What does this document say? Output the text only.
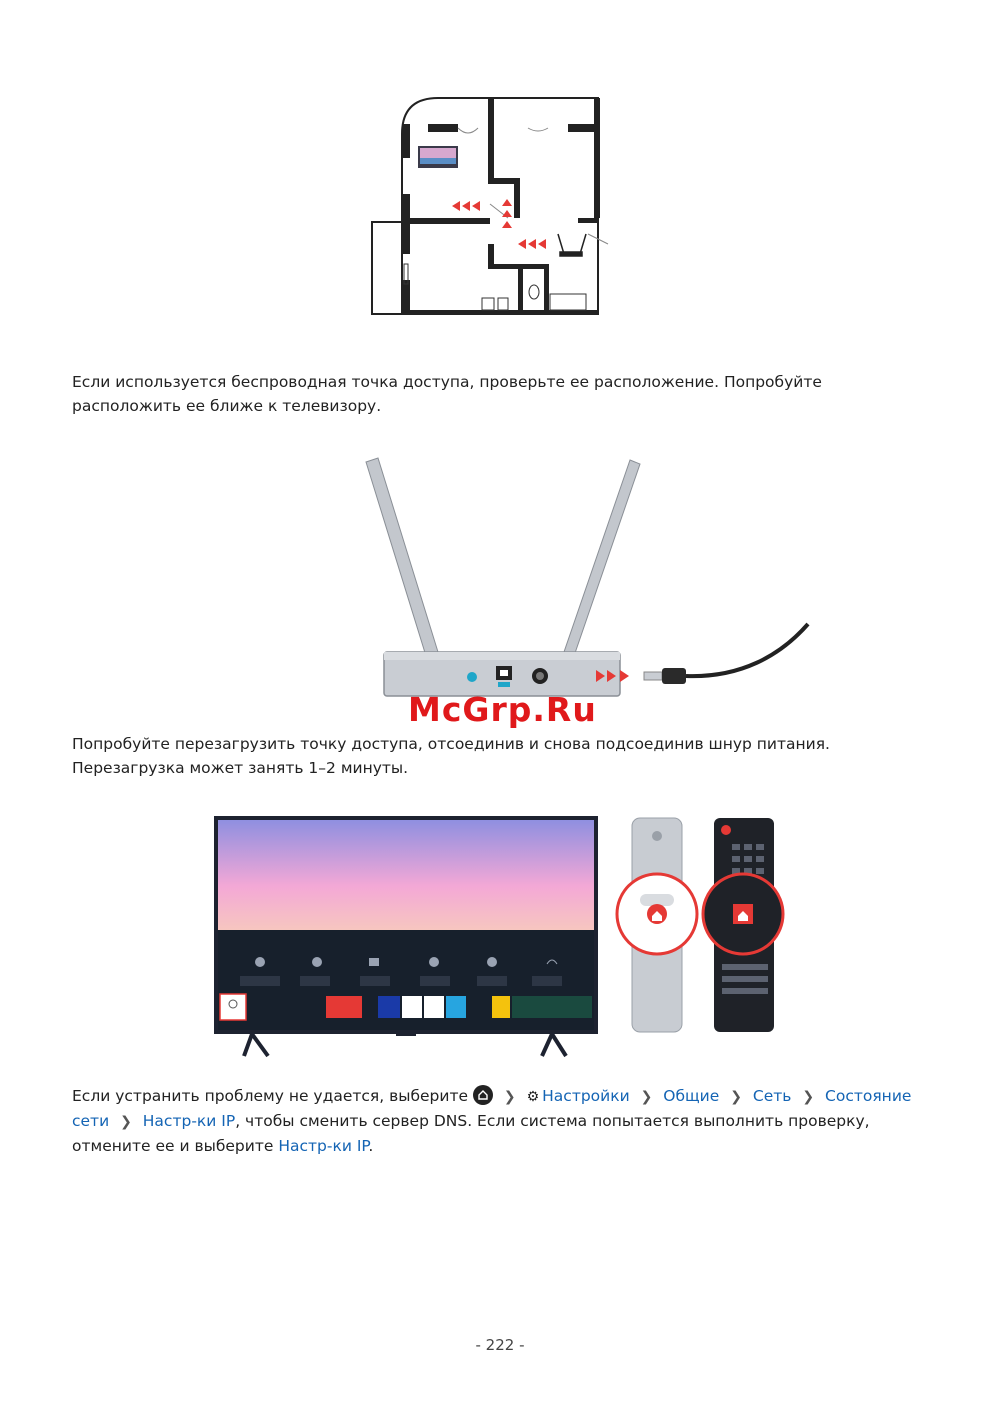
Если используется беспроводная точка доступа, проверьте ее расположение. Попробуйте расположить ее ближе к телевизору.

McGrp.Ru

Попробуйте перезагрузить точку доступа, отсоединив и снова подсоединив шнур питания. Перезагрузка может занять 1–2 минуты.

Если устранить проблему не удается, выберите	❯ ⚙ Настройки ❯ Общие ❯ Сеть ❯ Состояние сети ❯ Настр-ки IP, чтобы сменить сервер DNS. Если система попытается выполнить проверку, отмените ее и выберите Настр-ки IP.

- 222 -
